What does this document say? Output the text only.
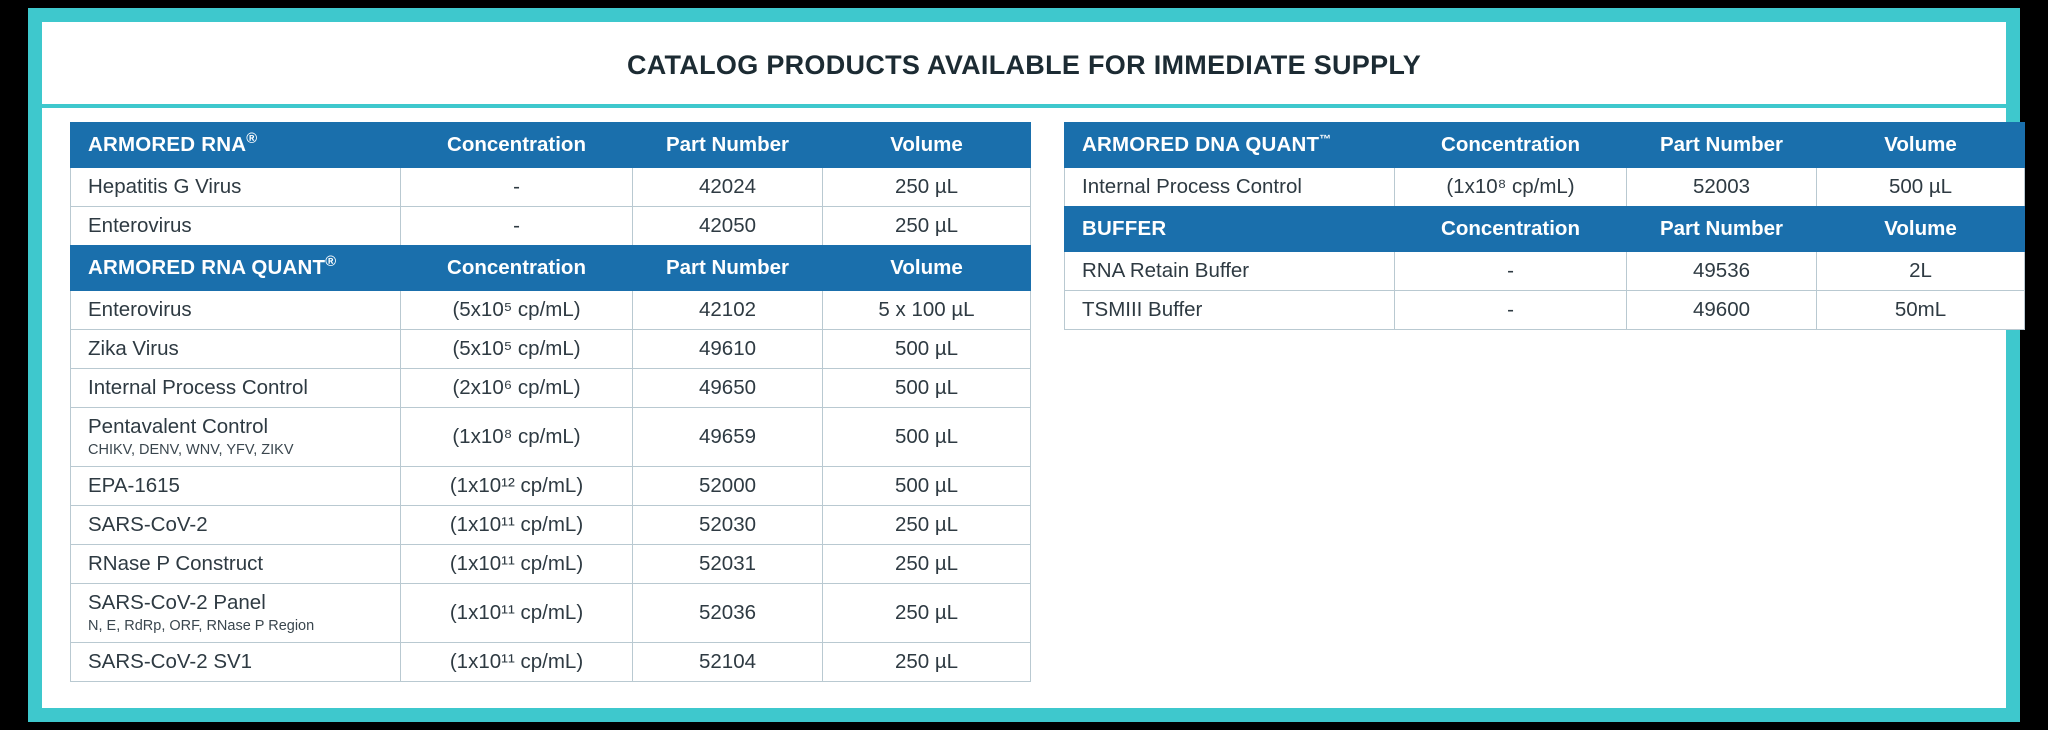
CATALOG PRODUCTS AVAILABLE FOR IMMEDIATE SUPPLY
ARMORED RNA®	Concentration	Part Number	Volume

Hepatitis G Virus	-	42024	250 µL

Enterovirus	-	42050	250 µL
ARMORED RNA QUANT®	Concentration	Part Number	Volume

Enterovirus	(5x10⁵ cp/mL)	42102	5 x 100 µL

Zika Virus	(5x10⁵ cp/mL)	49610	500 µL

Internal Process Control	(2x10⁶ cp/mL)	49650	500 µL

Pentavalent Control
CHIKV, DENV, WNV, YFV, ZIKV	(1x10⁸ cp/mL)	49659	500 µL

EPA-1615	(1x10¹² cp/mL)	52000	500 µL

SARS-CoV-2	(1x10¹¹ cp/mL)	52030	250 µL

RNase P Construct	(1x10¹¹ cp/mL)	52031	250 µL

SARS-CoV-2 Panel
N, E, RdRp, ORF, RNase P Region	(1x10¹¹ cp/mL)	52036	250 µL

SARS-CoV-2 SV1	(1x10¹¹ cp/mL)	52104	250 µL
ARMORED DNA QUANT™	Concentration	Part Number	Volume

Internal Process Control	(1x10⁸ cp/mL)	52003	500 µL
BUFFER	Concentration	Part Number	Volume

RNA Retain Buffer	-	49536	2L

TSMIII Buffer	-	49600	50mL
